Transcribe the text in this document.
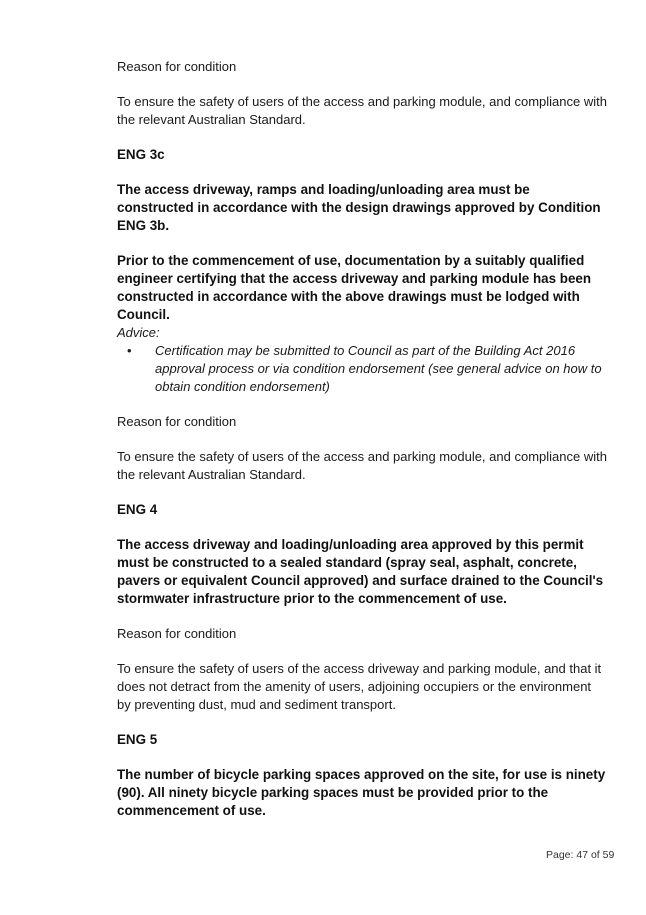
Reason for condition

To ensure the safety of users of the access and parking module, and compliance with the relevant Australian Standard.

ENG 3c

The access driveway, ramps and loading/unloading area must be constructed in accordance with the design drawings approved by Condition ENG 3b.

Prior to the commencement of use, documentation by a suitably qualified engineer certifying that the access driveway and parking module has been constructed in accordance with the above drawings must be lodged with Council.

Advice:

• Certification may be submitted to Council as part of the Building Act 2016 approval process or via condition endorsement (see general advice on how to obtain condition endorsement)

Reason for condition

To ensure the safety of users of the access and parking module, and compliance with the relevant Australian Standard.

ENG 4

The access driveway and loading/unloading area approved by this permit must be constructed to a sealed standard (spray seal, asphalt, concrete, pavers or equivalent Council approved) and surface drained to the Council's stormwater infrastructure prior to the commencement of use.

Reason for condition

To ensure the safety of users of the access driveway and parking module, and that it does not detract from the amenity of users, adjoining occupiers or the environment by preventing dust, mud and sediment transport.

ENG 5

The number of bicycle parking spaces approved on the site, for use is ninety (90). All ninety bicycle parking spaces must be provided prior to the commencement of use.

Page: 47 of 59
